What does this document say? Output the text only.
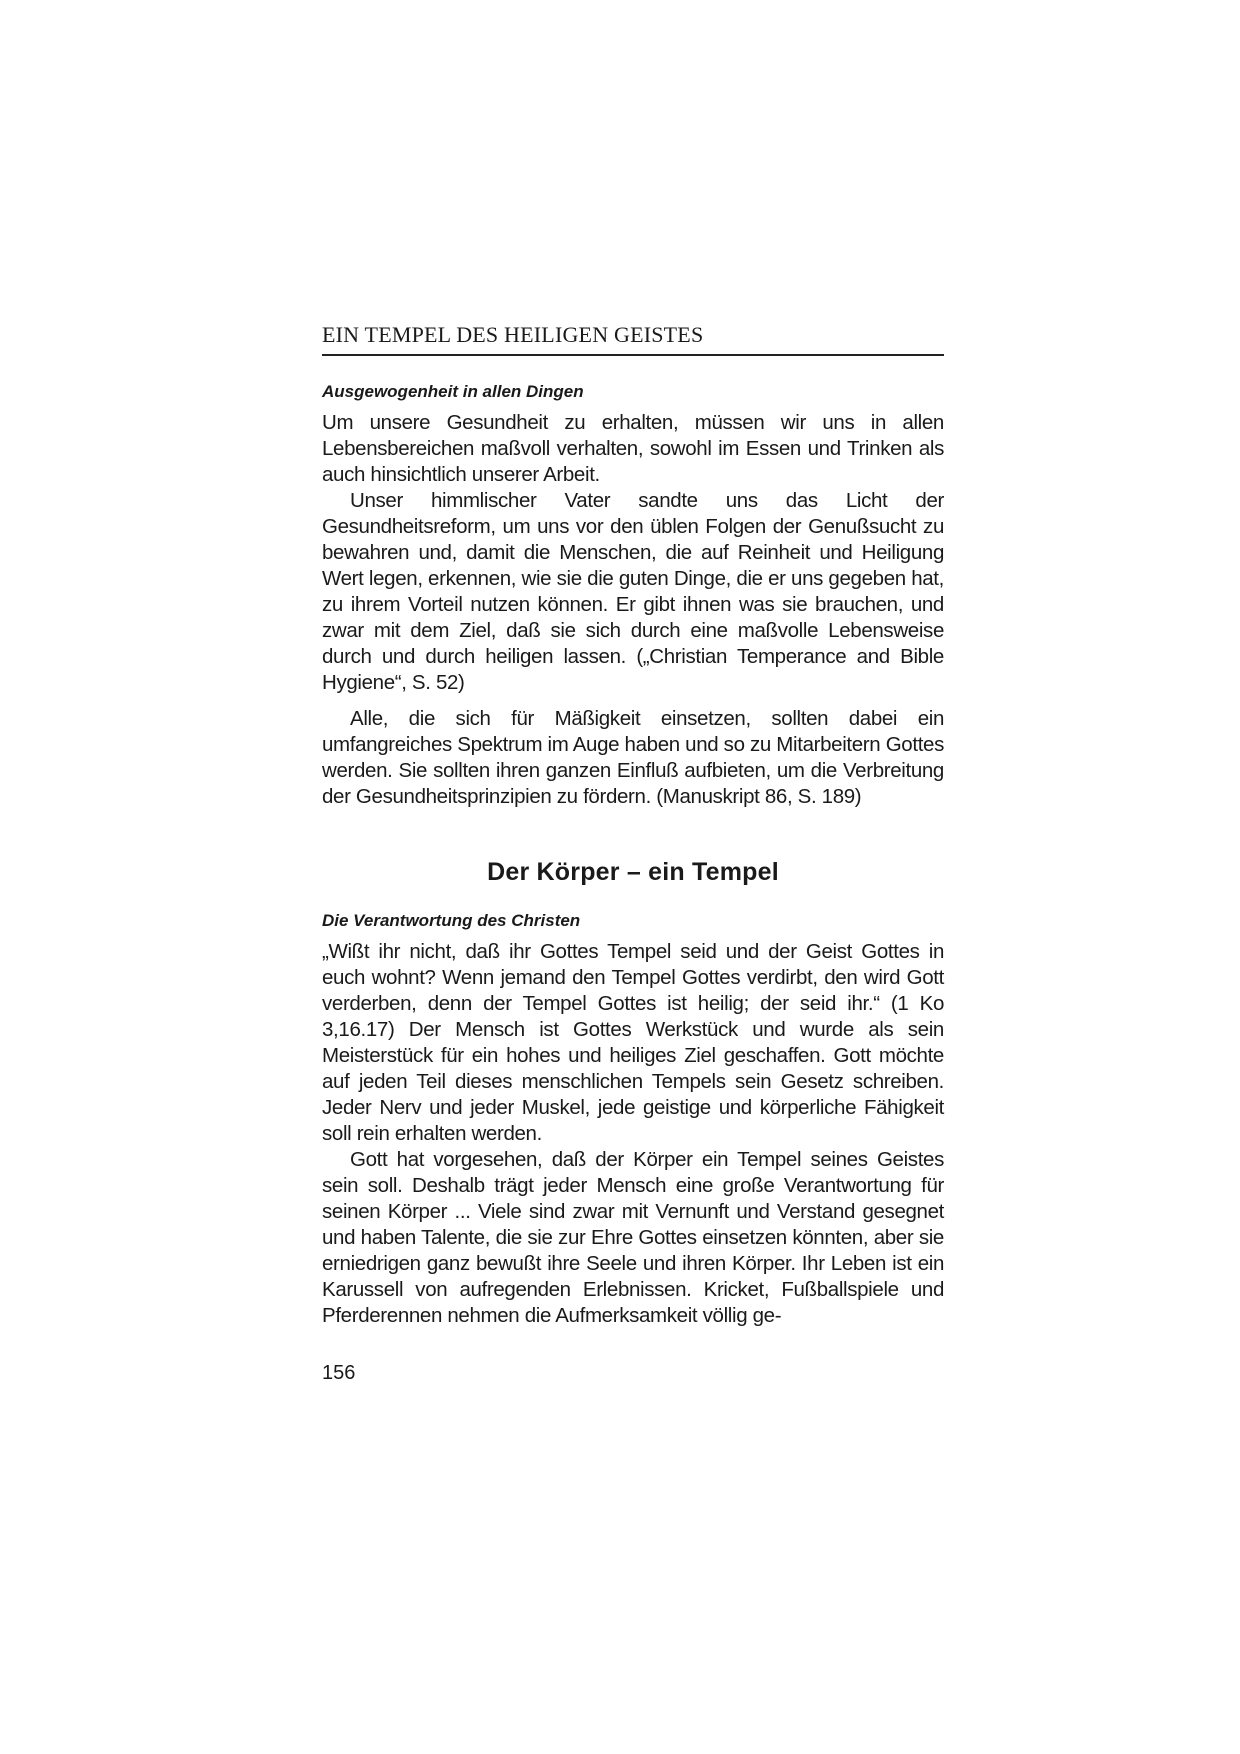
EIN TEMPEL DES HEILIGEN GEISTES
Ausgewogenheit in allen Dingen

Um unsere Gesundheit zu erhalten, müssen wir uns in allen Lebensbereichen maßvoll verhalten, sowohl im Essen und Trinken als auch hinsichtlich unserer Arbeit.

Unser himmlischer Vater sandte uns das Licht der Gesundheitsreform, um uns vor den üblen Folgen der Genußsucht zu bewahren und, damit die Menschen, die auf Reinheit und Heiligung Wert legen, erkennen, wie sie die guten Dinge, die er uns gegeben hat, zu ihrem Vorteil nutzen können. Er gibt ihnen was sie brauchen, und zwar mit dem Ziel, daß sie sich durch eine maßvolle Lebensweise durch und durch heiligen lassen. („Christian Temperance and Bible Hygiene“, S. 52)

Alle, die sich für Mäßigkeit einsetzen, sollten dabei ein umfangreiches Spektrum im Auge haben und so zu Mitarbeitern Gottes werden. Sie sollten ihren ganzen Einfluß aufbieten, um die Verbreitung der Gesundheitsprinzipien zu fördern. (Manuskript 86, S. 189)

Der Körper – ein Tempel
Die Verantwortung des Christen

„Wißt ihr nicht, daß ihr Gottes Tempel seid und der Geist Gottes in euch wohnt? Wenn jemand den Tempel Gottes verdirbt, den wird Gott verderben, denn der Tempel Gottes ist heilig; der seid ihr.“ (1 Ko 3,16.17) Der Mensch ist Gottes Werkstück und wurde als sein Meisterstück für ein hohes und heiliges Ziel geschaffen. Gott möchte auf jeden Teil dieses menschlichen Tempels sein Gesetz schreiben. Jeder Nerv und jeder Muskel, jede geistige und körperliche Fähigkeit soll rein erhalten werden.

Gott hat vorgesehen, daß der Körper ein Tempel seines Geistes sein soll. Deshalb trägt jeder Mensch eine große Verantwortung für seinen Körper ... Viele sind zwar mit Vernunft und Verstand gesegnet und haben Talente, die sie zur Ehre Gottes einsetzen könnten, aber sie erniedrigen ganz bewußt ihre Seele und ihren Körper. Ihr Leben ist ein Karussell von aufregenden Erlebnissen. Kricket, Fußballspiele und Pferderennen nehmen die Aufmerksamkeit völlig ge-

156
